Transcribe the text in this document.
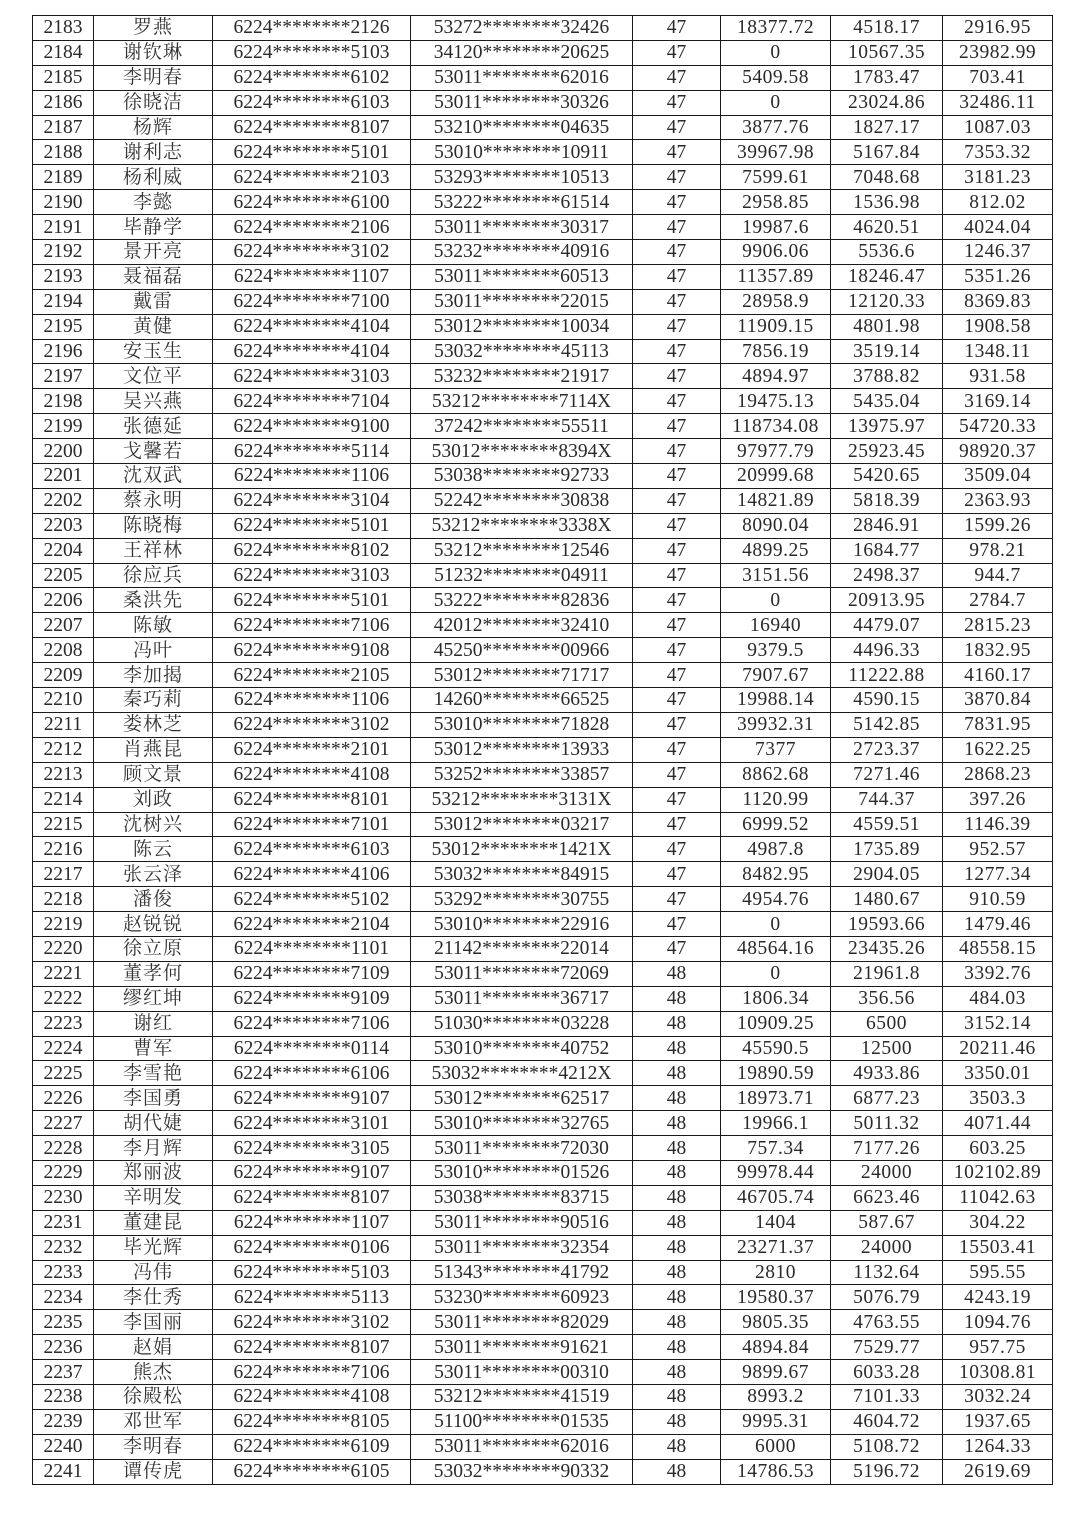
2183	罗燕	6224********2126	53272********32426	47	18377.72	4518.17	2916.95
2184	谢钦琳	6224********5103	34120********20625	47	0	10567.35	23982.99
2185	李明春	6224********6102	53011********62016	47	5409.58	1783.47	703.41
2186	徐晓洁	6224********6103	53011********30326	47	0	23024.86	32486.11
2187	杨辉	6224********8107	53210********04635	47	3877.76	1827.17	1087.03
2188	谢利志	6224********5101	53010********10911	47	39967.98	5167.84	7353.32
2189	杨利威	6224********2103	53293********10513	47	7599.61	7048.68	3181.23
2190	李懿	6224********6100	53222********61514	47	2958.85	1536.98	812.02
2191	毕静学	6224********2106	53011********30317	47	19987.6	4620.51	4024.04
2192	景开亮	6224********3102	53232********40916	47	9906.06	5536.6	1246.37
2193	聂福磊	6224********1107	53011********60513	47	11357.89	18246.47	5351.26
2194	戴雷	6224********7100	53011********22015	47	28958.9	12120.33	8369.83
2195	黄健	6224********4104	53012********10034	47	11909.15	4801.98	1908.58
2196	安玉生	6224********4104	53032********45113	47	7856.19	3519.14	1348.11
2197	文位平	6224********3103	53232********21917	47	4894.97	3788.82	931.58
2198	吴兴燕	6224********7104	53212********7114X	47	19475.13	5435.04	3169.14
2199	张德延	6224********9100	37242********55511	47	118734.08	13975.97	54720.33
2200	戈馨若	6224********5114	53012********8394X	47	97977.79	25923.45	98920.37
2201	沈双武	6224********1106	53038********92733	47	20999.68	5420.65	3509.04
2202	蔡永明	6224********3104	52242********30838	47	14821.89	5818.39	2363.93
2203	陈晓梅	6224********5101	53212********3338X	47	8090.04	2846.91	1599.26
2204	王祥林	6224********8102	53212********12546	47	4899.25	1684.77	978.21
2205	徐应兵	6224********3103	51232********04911	47	3151.56	2498.37	944.7
2206	桑洪先	6224********5101	53222********82836	47	0	20913.95	2784.7
2207	陈敏	6224********7106	42012********32410	47	16940	4479.07	2815.23
2208	冯叶	6224********9108	45250********00966	47	9379.5	4496.33	1832.95
2209	李加揭	6224********2105	53012********71717	47	7907.67	11222.88	4160.17
2210	秦巧莉	6224********1106	14260********66525	47	19988.14	4590.15	3870.84
2211	娄林芝	6224********3102	53010********71828	47	39932.31	5142.85	7831.95
2212	肖燕昆	6224********2101	53012********13933	47	7377	2723.37	1622.25
2213	顾文景	6224********4108	53252********33857	47	8862.68	7271.46	2868.23
2214	刘政	6224********8101	53212********3131X	47	1120.99	744.37	397.26
2215	沈树兴	6224********7101	53012********03217	47	6999.52	4559.51	1146.39
2216	陈云	6224********6103	53012********1421X	47	4987.8	1735.89	952.57
2217	张云泽	6224********4106	53032********84915	47	8482.95	2904.05	1277.34
2218	潘俊	6224********5102	53292********30755	47	4954.76	1480.67	910.59
2219	赵锐锐	6224********2104	53010********22916	47	0	19593.66	1479.46
2220	徐立原	6224********1101	21142********22014	47	48564.16	23435.26	48558.15
2221	董孝何	6224********7109	53011********72069	48	0	21961.8	3392.76
2222	缪红坤	6224********9109	53011********36717	48	1806.34	356.56	484.03
2223	谢红	6224********7106	51030********03228	48	10909.25	6500	3152.14
2224	曹军	6224********0114	53010********40752	48	45590.5	12500	20211.46
2225	李雪艳	6224********6106	53032********4212X	48	19890.59	4933.86	3350.01
2226	李国勇	6224********9107	53012********62517	48	18973.71	6877.23	3503.3
2227	胡代婕	6224********3101	53010********32765	48	19966.1	5011.32	4071.44
2228	李月辉	6224********3105	53011********72030	48	757.34	7177.26	603.25
2229	郑丽波	6224********9107	53010********01526	48	99978.44	24000	102102.89
2230	辛明发	6224********8107	53038********83715	48	46705.74	6623.46	11042.63
2231	董建昆	6224********1107	53011********90516	48	1404	587.67	304.22
2232	毕光辉	6224********0106	53011********32354	48	23271.37	24000	15503.41
2233	冯伟	6224********5103	51343********41792	48	2810	1132.64	595.55
2234	李仕秀	6224********5113	53230********60923	48	19580.37	5076.79	4243.19
2235	李国丽	6224********3102	53011********82029	48	9805.35	4763.55	1094.76
2236	赵娟	6224********8107	53011********91621	48	4894.84	7529.77	957.75
2237	熊杰	6224********7106	53011********00310	48	9899.67	6033.28	10308.81
2238	徐殿松	6224********4108	53212********41519	48	8993.2	7101.33	3032.24
2239	邓世军	6224********8105	51100********01535	48	9995.31	4604.72	1937.65
2240	李明春	6224********6109	53011********62016	48	6000	5108.72	1264.33
2241	谭传虎	6224********6105	53032********90332	48	14786.53	5196.72	2619.69
